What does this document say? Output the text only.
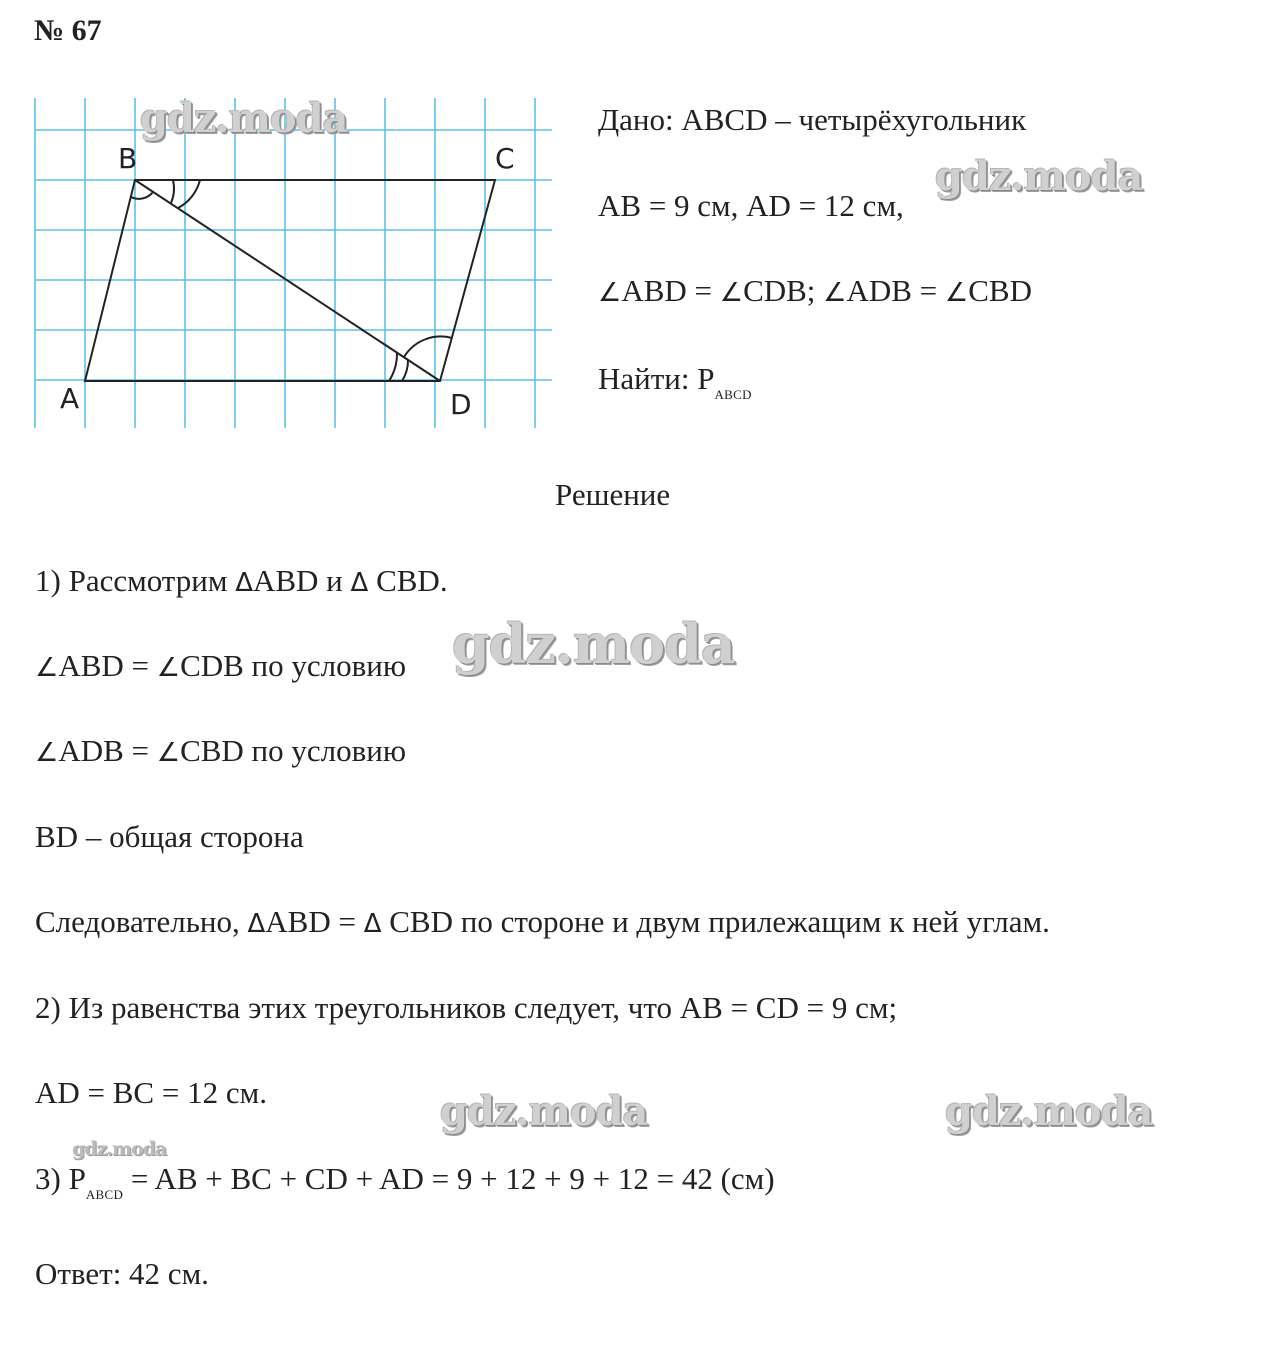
№ 67
A
B	C
D
Дано: ABCD – четырёхугольник
AB = 9 см, AD = 12 см,
∠ABD = ∠CDB; ∠ADB = ∠CBD
Найти: $P_{ABCD}$
Решение
1) Рассмотрим ΔABD и Δ CBD.
∠ABD = ∠CDB по условию
∠ADB = ∠CBD по условию
BD – общая сторона
Следовательно, ΔABD = Δ CBD по стороне и двум прилежащим к ней углам.
2) Из равенства этих треугольников следует, что AB = CD = 9 см;
AD = BC = 12 см.
3) $P_{ABCD}$ = AB + BC + CD + AD = 9 + 12 + 9 + 12 = 42 (см)
Ответ: 42 см.
gdz.moda
gdz.moda
gdz.moda
gdz.moda	gdz.moda
gdz.moda
